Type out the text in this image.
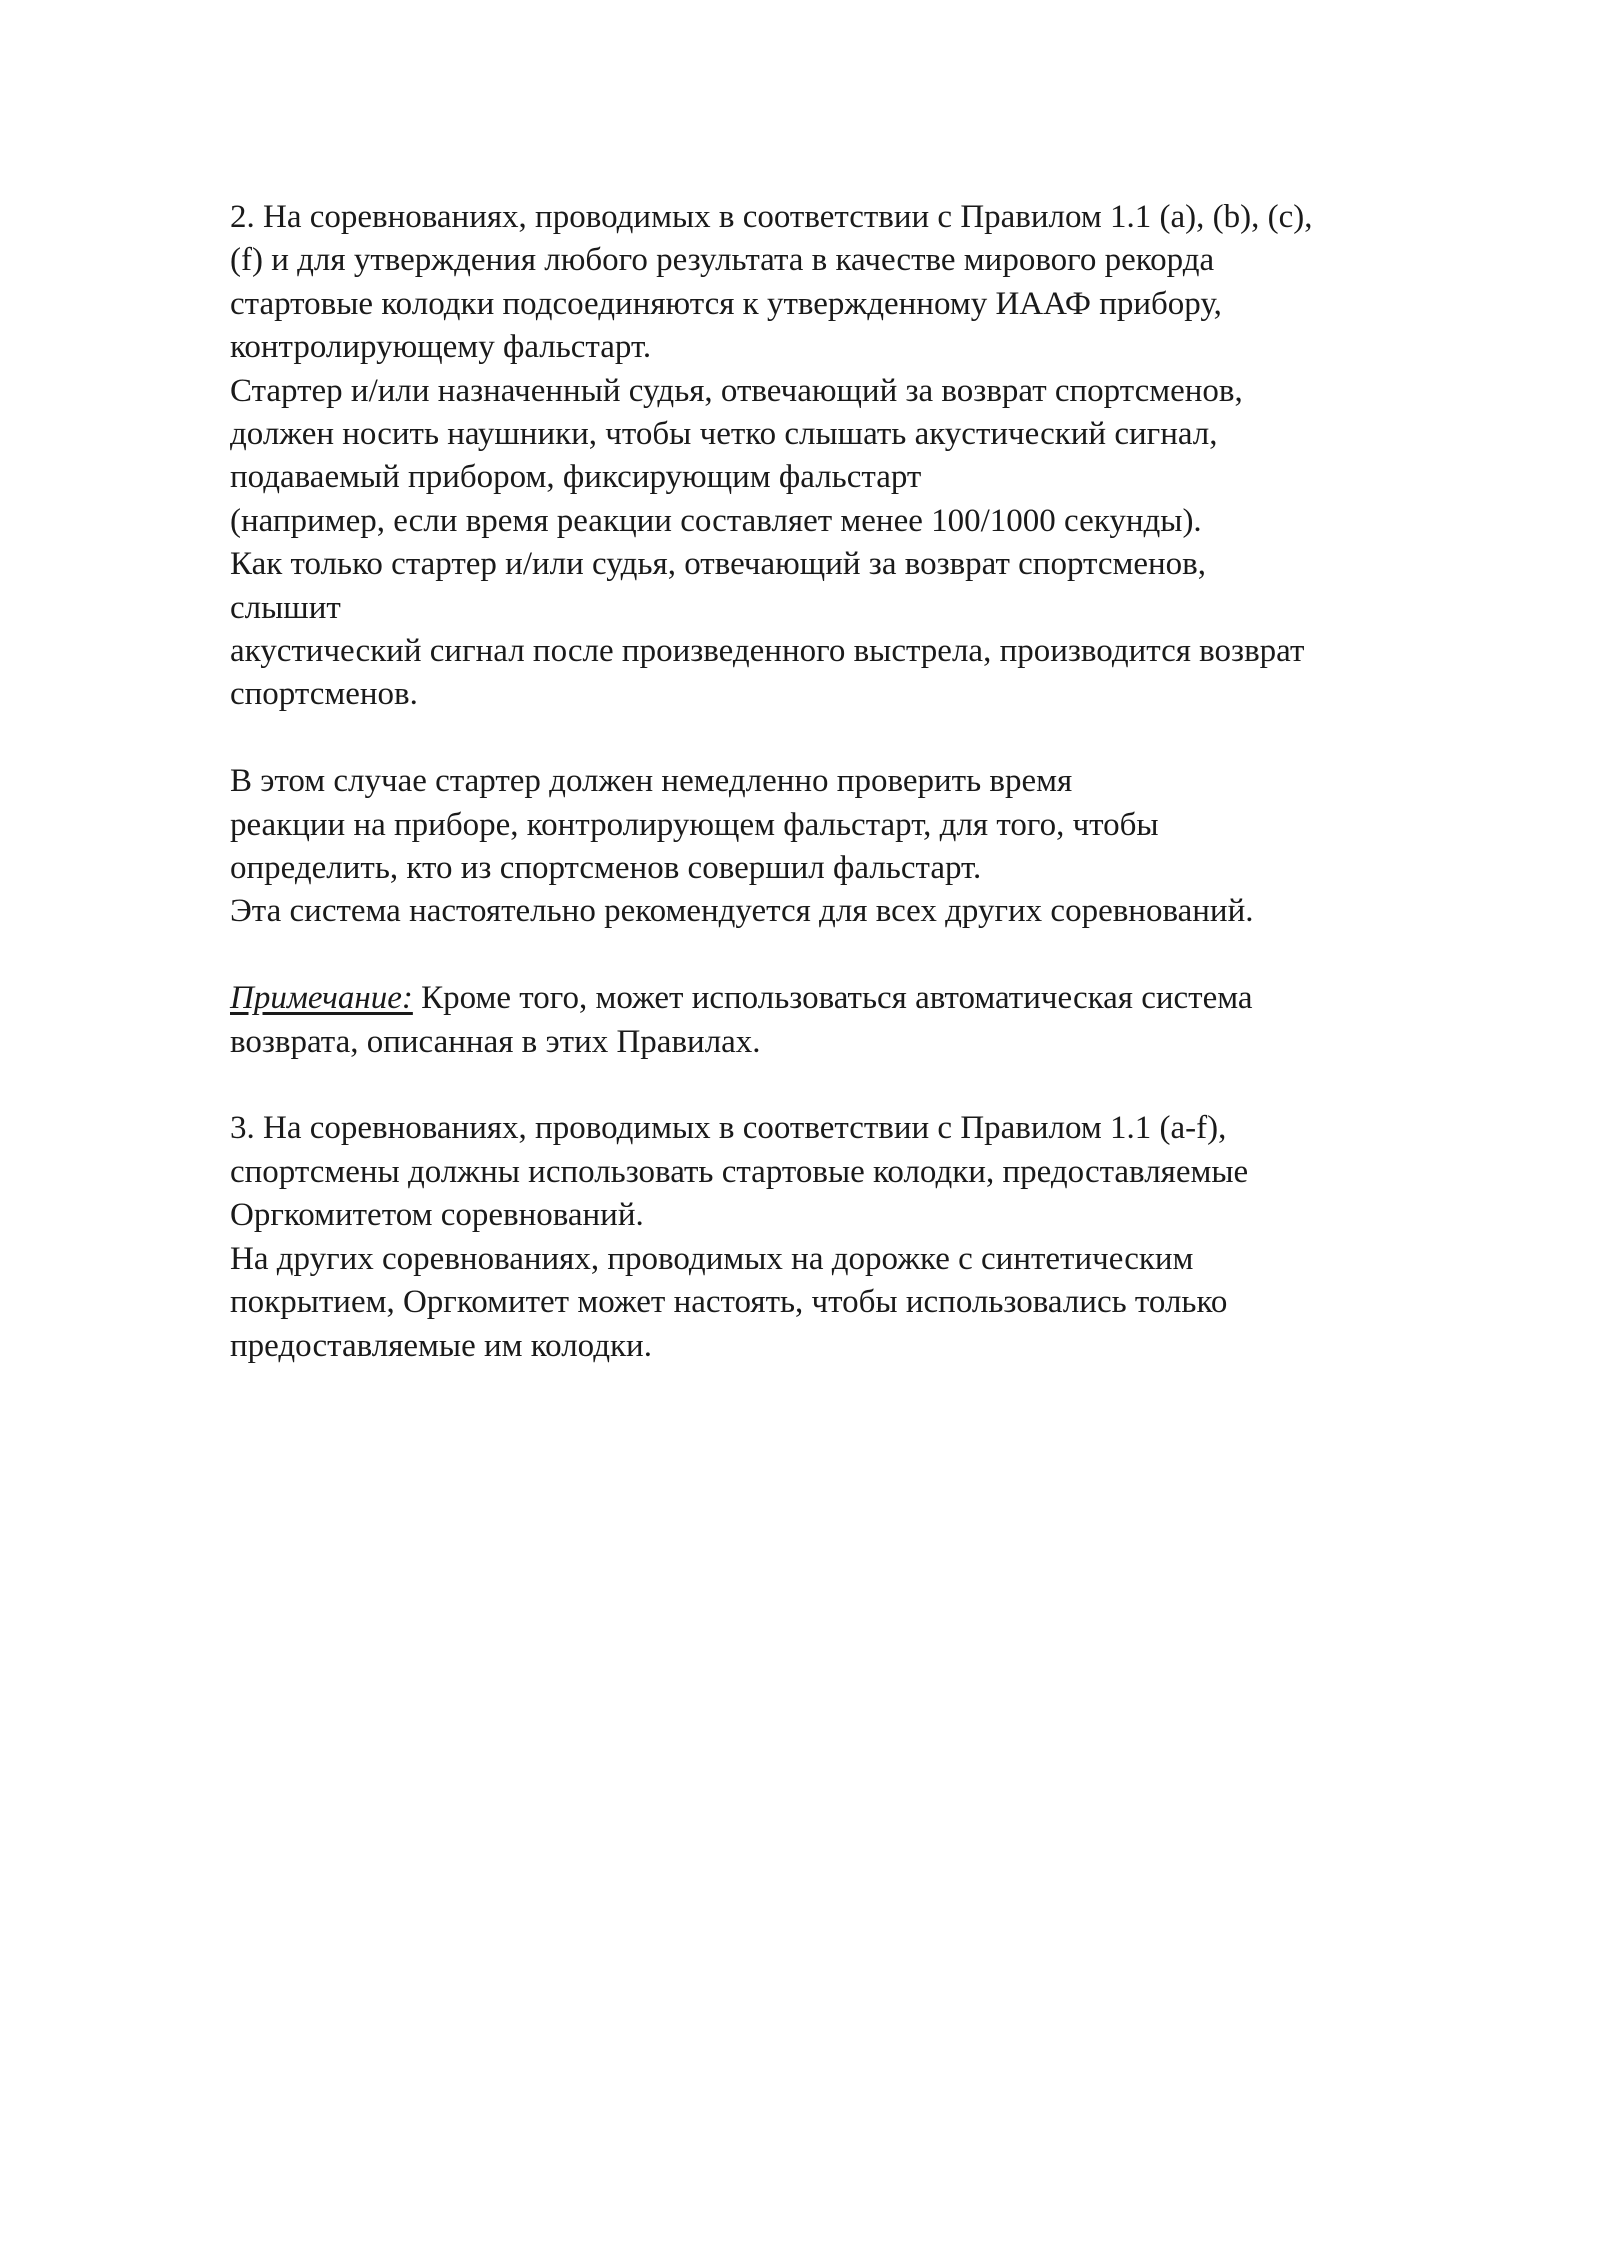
2. На соревнованиях, проводимых в соответствии с Правилом 1.1 (a), (b), (c),
(f) и для утверждения любого результата в качестве мирового рекорда
стартовые колодки подсоединяются к утвержденному ИААФ прибору,
контролирующему фальстарт.
Стартер и/или назначенный судья, отвечающий за возврат спортсменов,
должен носить наушники, чтобы четко слышать акустический сигнал,
подаваемый прибором, фиксирующим фальстарт
(например, если время реакции составляет менее 100/1000 секунды).
Как только стартер и/или судья, отвечающий за возврат спортсменов,
слышит
акустический сигнал после произведенного выстрела, производится возврат
спортсменов.
В этом случае стартер должен немедленно проверить время
реакции на приборе, контролирующем фальстарт, для того, чтобы
определить, кто из спортсменов совершил фальстарт.
Эта система настоятельно рекомендуется для всех других соревнований.
Примечание: Кроме того, может использоваться автоматическая система
возврата, описанная в этих Правилах.
3. На соревнованиях, проводимых в соответствии с Правилом 1.1 (a-f),
спортсмены должны использовать стартовые колодки, предоставляемые
Оргкомитетом соревнований.
На других соревнованиях, проводимых на дорожке с синтетическим
покрытием, Оргкомитет может настоять, чтобы использовались только
предоставляемые им колодки.
